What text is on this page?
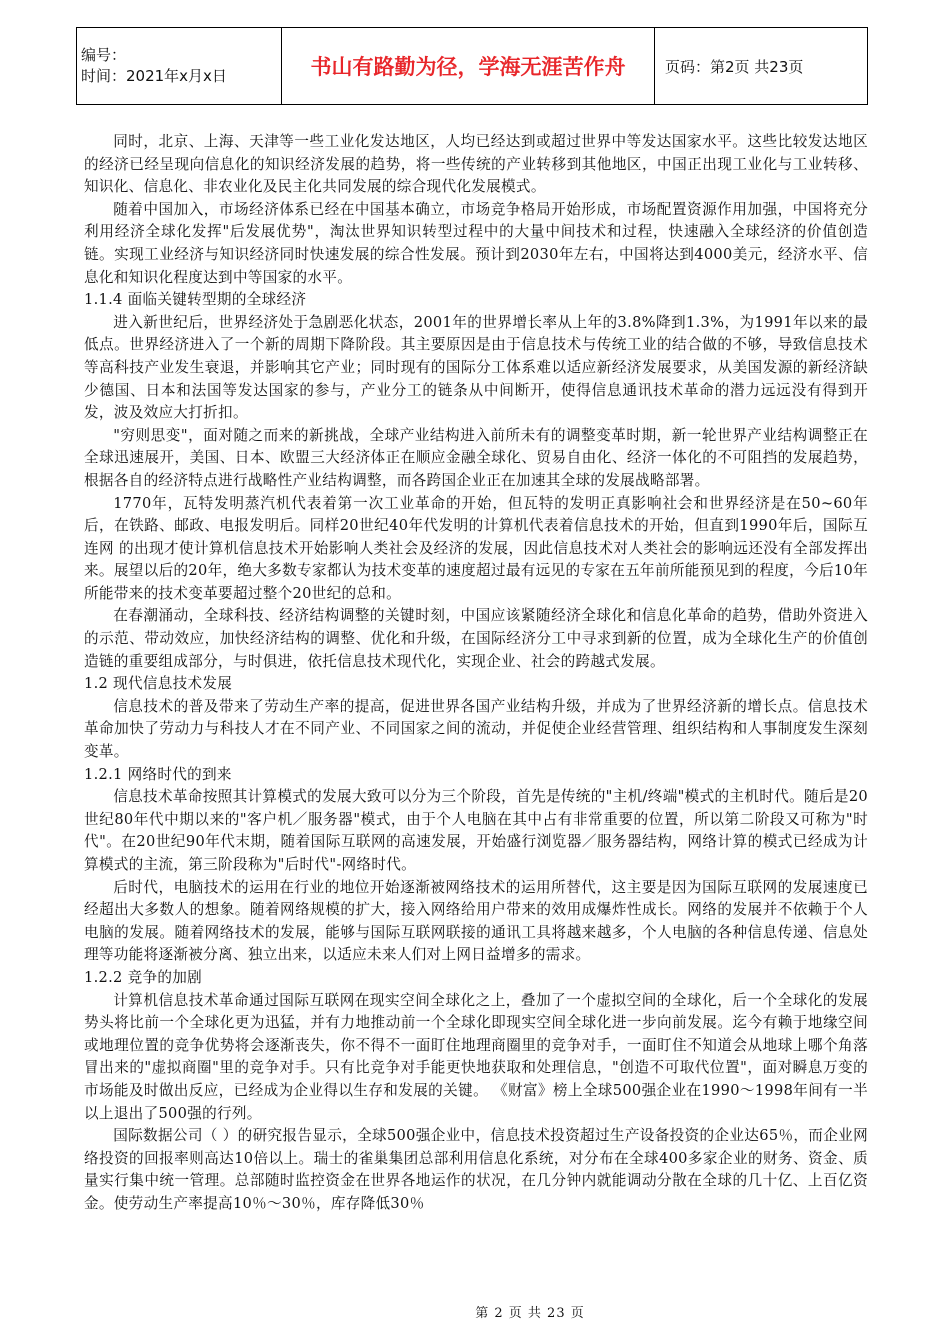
编号：
时间：2021年x月x日	书山有路勤为径，学海无涯苦作舟	页码：第2页 共23页

同时，北京、上海、天津等一些工业化发达地区，人均已经达到或超过世界中等发达国家水平。这些比较发达地区的经济已经呈现向信息化的知识经济发展的趋势，将一些传统的产业转移到其他地区，中国正出现工业化与工业转移、知识化、信息化、非农业化及民主化共同发展的综合现代化发展模式。

随着中国加入，市场经济体系已经在中国基本确立，市场竞争格局开始形成，市场配置资源作用加强，中国将充分利用经济全球化发挥"后发展优势"，淘汰世界知识转型过程中的大量中间技术和过程，快速融入全球经济的价值创造链。实现工业经济与知识经济同时快速发展的综合性发展。预计到2030年左右，中国将达到4000美元，经济水平、信息化和知识化程度达到中等国家的水平。

1.1.4 面临关键转型期的全球经济

进入新世纪后，世界经济处于急剧恶化状态，2001年的世界增长率从上年的3.8%降到1.3%，为1991年以来的最低点。世界经济进入了一个新的周期下降阶段。其主要原因是由于信息技术与传统工业的结合做的不够，导致信息技术等高科技产业发生衰退，并影响其它产业；同时现有的国际分工体系难以适应新经济发展要求，从美国发源的新经济缺少德国、日本和法国等发达国家的参与，产业分工的链条从中间断开，使得信息通讯技术革命的潜力远远没有得到开发，波及效应大打折扣。

"穷则思变"，面对随之而来的新挑战，全球产业结构进入前所未有的调整变革时期，新一轮世界产业结构调整正在全球迅速展开，美国、日本、欧盟三大经济体正在顺应金融全球化、贸易自由化、经济一体化的不可阻挡的发展趋势，根据各自的经济特点进行战略性产业结构调整，而各跨国企业正在加速其全球的发展战略部署。

1770年，瓦特发明蒸汽机代表着第一次工业革命的开始，但瓦特的发明正真影响社会和世界经济是在50~60年后，在铁路、邮政、电报发明后。同样20世纪40年代发明的计算机代表着信息技术的开始，但直到1990年后，国际互连网 的出现才使计算机信息技术开始影响人类社会及经济的发展，因此信息技术对人类社会的影响远还没有全部发挥出来。展望以后的20年，绝大多数专家都认为技术变革的速度超过最有远见的专家在五年前所能预见到的程度，今后10年所能带来的技术变革要超过整个20世纪的总和。

在春潮涌动，全球科技、经济结构调整的关键时刻，中国应该紧随经济全球化和信息化革命的趋势，借助外资进入的示范、带动效应，加快经济结构的调整、优化和升级，在国际经济分工中寻求到新的位置，成为全球化生产的价值创造链的重要组成部分，与时俱进，依托信息技术现代化，实现企业、社会的跨越式发展。

1.2 现代信息技术发展

信息技术的普及带来了劳动生产率的提高，促进世界各国产业结构升级，并成为了世界经济新的增长点。信息技术革命加快了劳动力与科技人才在不同产业、不同国家之间的流动，并促使企业经营管理、组织结构和人事制度发生深刻变革。

1.2.1 网络时代的到来

信息技术革命按照其计算模式的发展大致可以分为三个阶段，首先是传统的"主机/终端"模式的主机时代。随后是20世纪80年代中期以来的"客户机／服务器"模式，由于个人电脑在其中占有非常重要的位置，所以第二阶段又可称为"时代"。在20世纪90年代末期，随着国际互联网的高速发展，开始盛行浏览器／服务器结构，网络计算的模式已经成为计算模式的主流，第三阶段称为"后时代"-网络时代。

后时代，电脑技术的运用在行业的地位开始逐渐被网络技术的运用所替代，这主要是因为国际互联网的发展速度已经超出大多数人的想象。随着网络规模的扩大，接入网络给用户带来的效用成爆炸性成长。网络的发展并不依赖于个人电脑的发展。随着网络技术的发展，能够与国际互联网联接的通讯工具将越来越多，个人电脑的各种信息传递、信息处理等功能将逐渐被分离、独立出来，以适应未来人们对上网日益增多的需求。

1.2.2 竞争的加剧

计算机信息技术革命通过国际互联网在现实空间全球化之上，叠加了一个虚拟空间的全球化，后一个全球化的发展势头将比前一个全球化更为迅猛，并有力地推动前一个全球化即现实空间全球化进一步向前发展。迄今有赖于地缘空间或地理位置的竞争优势将会逐渐丧失，你不得不一面盯住地理商圈里的竞争对手，一面盯住不知道会从地球上哪个角落冒出来的"虚拟商圈"里的竞争对手。只有比竞争对手能更快地获取和处理信息，"创造不可取代位置"，面对瞬息万变的市场能及时做出反应，已经成为企业得以生存和发展的关键。 《财富》榜上全球500强企业在1990～1998年间有一半以上退出了500强的行列。

国际数据公司（ ）的研究报告显示，全球500强企业中，信息技术投资超过生产设备投资的企业达65％，而企业网络投资的回报率则高达10倍以上。瑞士的雀巢集团总部利用信息化系统，对分布在全球400多家企业的财务、资金、质量实行集中统一管理。总部随时监控资金在世界各地运作的状况，在几分钟内就能调动分散在全球的几十亿、上百亿资金。使劳动生产率提高10％～30％，库存降低30％

第 2 页 共 23 页
